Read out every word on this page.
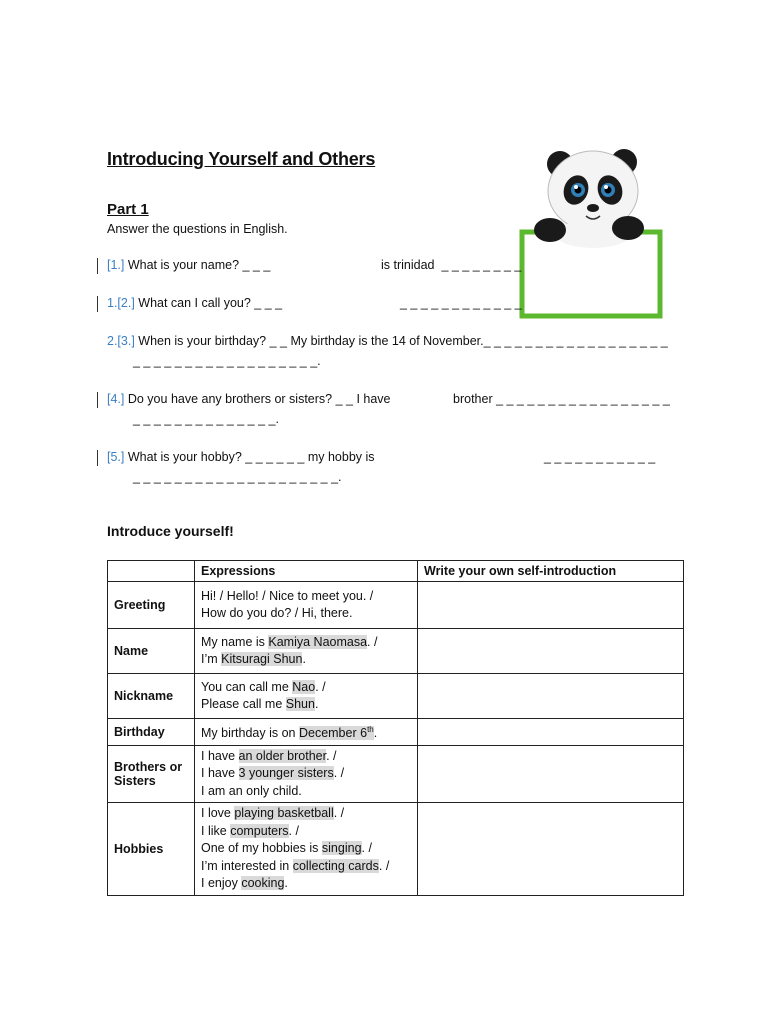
Introducing Yourself and Others
Part 1
Answer the questions in English.
[1.] What is your name? _ _ _	is trinidad  _ _ _ _ _ _ _ _
1.[2.] What can I call you? _ _ _	_ _ _ _ _ _ _ _ _ _ _ _
2.[3.] When is your birthday? _ _ My birthday is the 14 of November._ _ _ _ _ _ _ _ _ _ _ _ _ _ _ _ _ _
_ _ _ _ _ _ _ _ _ _ _ _ _ _ _ _ _ _.
[4.] Do you have any brothers or sisters? _ _ I have	brother _ _ _ _ _ _ _ _ _ _ _ _ _ _ _ _ _
_ _ _ _ _ _ _ _ _ _ _ _ _ _.
[5.] What is your hobby? _ _ _ _ _ _ my hobby is	_ _ _ _ _ _ _ _ _ _ _
_ _ _ _ _ _ _ _ _ _ _ _ _ _ _ _ _ _ _ _.
Introduce yourself!
	Expressions	Write your own self-introduction
Greeting	Hi! / Hello! / Nice to meet you. /
How do you do? / Hi, there.	
Name	My name is Kamiya Naomasa. /
I’m Kitsuragi Shun.	
Nickname	You can call me Nao. /
Please call me Shun.	
Birthday	My birthday is on December 6th.	
Brothers or Sisters	I have an older brother. /
I have 3 younger sisters. /
I am an only child.	
Hobbies	I love playing basketball. /
I like computers. /
One of my hobbies is singing. /
I’m interested in collecting cards. /
I enjoy cooking.	
